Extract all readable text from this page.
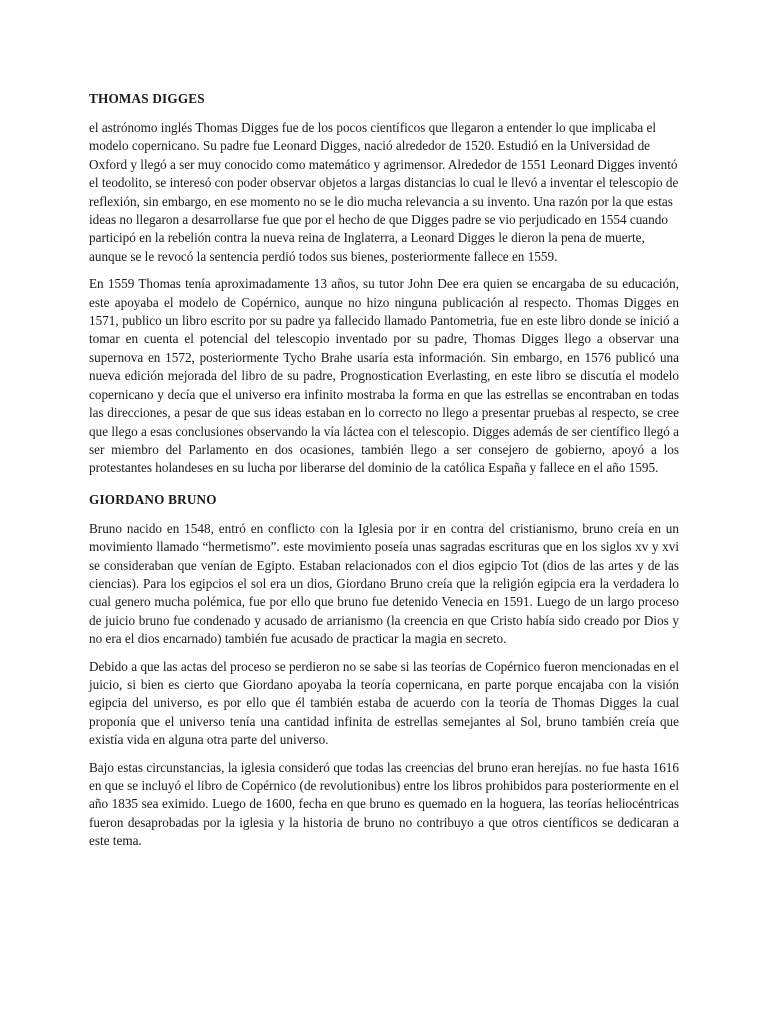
THOMAS DIGGES

el astrónomo inglés Thomas Digges fue de los pocos científicos que llegaron a entender lo que implicaba el modelo copernicano. Su padre fue Leonard Digges, nació alrededor de 1520. Estudió en la Universidad de Oxford y llegó a ser muy conocido como matemático y agrimensor. Alrededor de 1551 Leonard Digges inventó el teodolito, se interesó con poder observar objetos a largas distancias lo cual le llevó a inventar el telescopio de reflexión, sin embargo, en ese momento no se le dio mucha relevancia a su invento. Una razón por la que estas ideas no llegaron a desarrollarse fue que por el hecho de que Digges padre se vio perjudicado en 1554 cuando participó en la rebelión contra la nueva reina de Inglaterra, a Leonard Digges le dieron la pena de muerte, aunque se le revocó la sentencia perdió todos sus bienes, posteriormente fallece en 1559.

En 1559 Thomas tenía aproximadamente 13 años, su tutor John Dee era quien se encargaba de su educación, este apoyaba el modelo de Copérnico, aunque no hizo ninguna publicación al respecto. Thomas Digges en 1571, publico un libro escrito por su padre ya fallecido llamado Pantometria, fue en este libro donde se inició a tomar en cuenta el potencial del telescopio inventado por su padre, Thomas Digges llego a observar una supernova en 1572, posteriormente Tycho Brahe usaría esta información. Sin embargo, en 1576 publicó una nueva edición mejorada del libro de su padre, Prognostication Everlasting, en este libro se discutía el modelo copernicano y decía que el universo era infinito mostraba la forma en que las estrellas se encontraban en todas las direcciones, a pesar de que sus ideas estaban en lo correcto no llego a presentar pruebas al respecto, se cree que llego a esas conclusiones observando la vía láctea con el telescopio. Digges además de ser científico llegó a ser miembro del Parlamento en dos ocasiones, también llego a ser consejero de gobierno, apoyó a los protestantes holandeses en su lucha por liberarse del dominio de la católica España y fallece en el año 1595.

GIORDANO BRUNO

Bruno nacido en 1548, entró en conflicto con la Iglesia por ir en contra del cristianismo, bruno creía en un movimiento llamado “hermetismo”. este movimiento poseía unas sagradas escrituras que en los siglos xv y xvi se consideraban que venían de Egipto. Estaban relacionados con el dios egipcio Tot (dios de las artes y de las ciencias). Para los egipcios el sol era un dios, Giordano Bruno creía que la religión egipcia era la verdadera lo cual genero mucha polémica, fue por ello que bruno fue detenido Venecia en 1591. Luego de un largo proceso de juicio bruno fue condenado y acusado de arrianismo (la creencia en que Cristo había sido creado por Dios y no era el dios encarnado) también fue acusado de practicar la magia en secreto.

Debido a que las actas del proceso se perdieron no se sabe si las teorías de Copérnico fueron mencionadas en el juicio, si bien es cierto que Giordano apoyaba la teoría copernicana, en parte porque encajaba con la visión egipcia del universo, es por ello que él también estaba de acuerdo con la teoría de Thomas Digges la cual proponía que el universo tenía una cantidad infinita de estrellas semejantes al Sol, bruno también creía que existía vida en alguna otra parte del universo.

Bajo estas circunstancias, la iglesia consideró que todas las creencias del bruno eran herejías. no fue hasta 1616 en que se incluyó el libro de Copérnico (de revolutionibus) entre los libros prohibidos para posteriormente en el año 1835 sea eximido. Luego de 1600, fecha en que bruno es quemado en la hoguera, las teorías heliocéntricas fueron desaprobadas por la iglesia y la historia de bruno no contribuyo a que otros científicos se dedicaran a este tema.
